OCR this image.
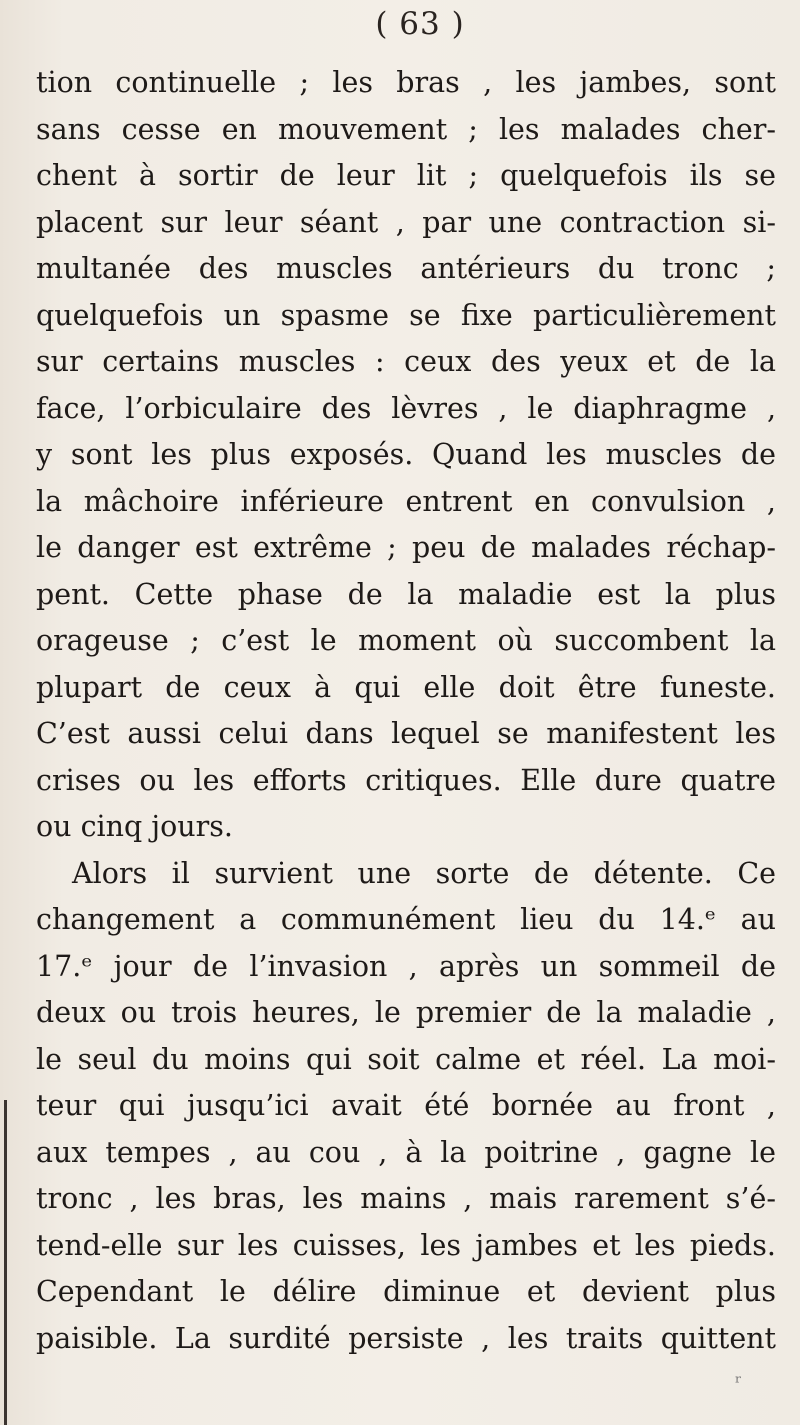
( 63 )
tion continuelle ; les bras , les jambes, sont
sans cesse en mouvement ; les malades cher-
chent à sortir de leur lit ; quelquefois ils se
placent sur leur séant , par une contraction si-
multanée des muscles antérieurs du tronc ;
quelquefois un spasme se fixe particulièrement
sur certains muscles : ceux des yeux et de la
face, l’orbiculaire des lèvres , le diaphragme ,
y sont les plus exposés. Quand les muscles de
la mâchoire inférieure entrent en convulsion ,
le danger est extrême ; peu de malades réchap-
pent. Cette phase de la maladie est la plus
orageuse ; c’est le moment où succombent la
plupart de ceux à qui elle doit être funeste.
C’est aussi celui dans lequel se manifestent les
crises ou les efforts critiques. Elle dure quatre
ou cinq jours.
Alors il survient une sorte de détente. Ce
changement a communément lieu du 14.ᵉ au
17.ᵉ jour de l’invasion , après un sommeil de
deux ou trois heures, le premier de la maladie ,
le seul du moins qui soit calme et réel. La moi-
teur qui jusqu’ici avait été bornée au front ,
aux tempes , au cou , à la poitrine , gagne le
tronc , les bras, les mains , mais rarement s’é-
tend-elle sur les cuisses, les jambes et les pieds.
Cependant le délire diminue et devient plus
paisible. La surdité persiste , les traits quittent
ʳ
